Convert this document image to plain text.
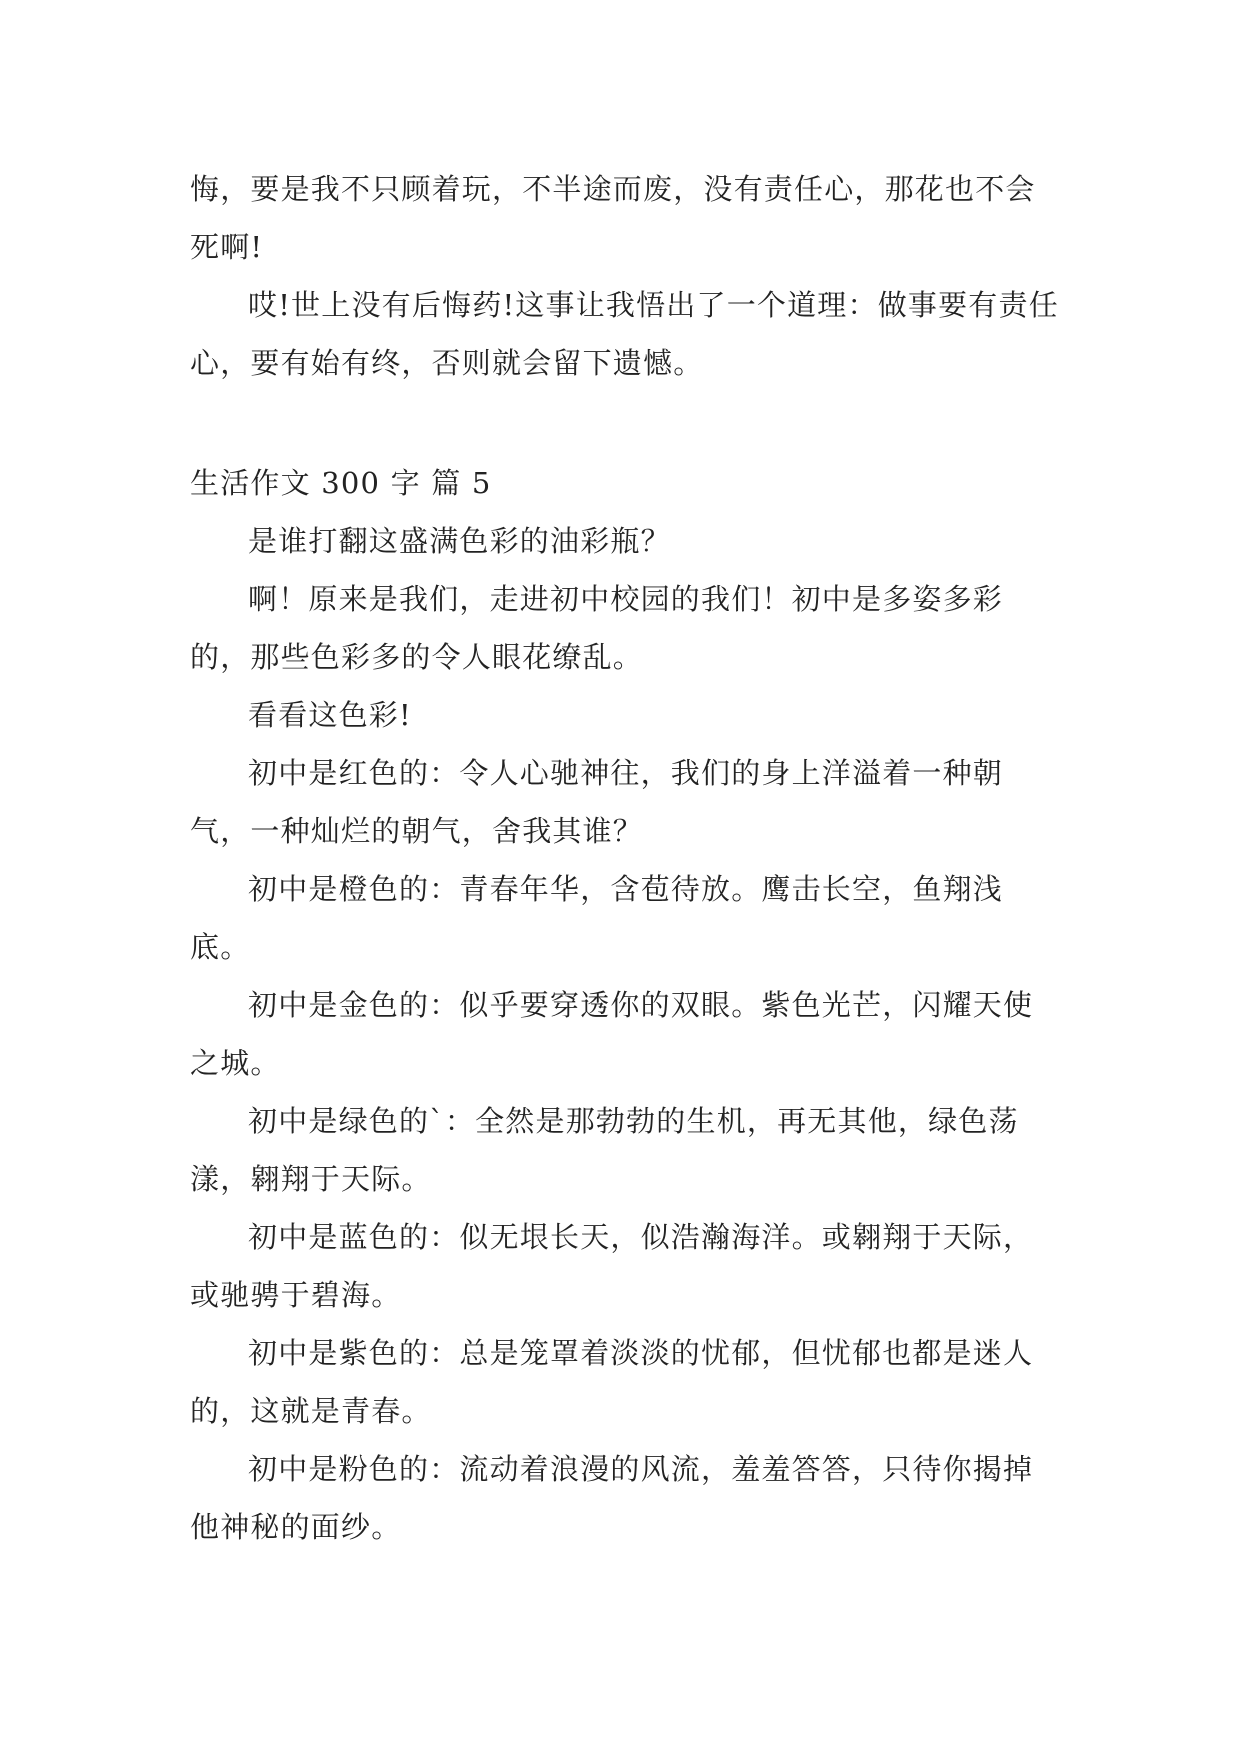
悔，要是我不只顾着玩，不半途而废，没有责任心，那花也不会死啊!

哎!世上没有后悔药!这事让我悟出了一个道理：做事要有责任心，要有始有终，否则就会留下遗憾。

生活作文 300 字 篇 5

是谁打翻这盛满色彩的油彩瓶？

啊！原来是我们，走进初中校园的我们！初中是多姿多彩的，那些色彩多的令人眼花缭乱。

看看这色彩!

初中是红色的：令人心驰神往，我们的身上洋溢着一种朝气，一种灿烂的朝气，舍我其谁？

初中是橙色的：青春年华，含苞待放。鹰击长空，鱼翔浅底。

初中是金色的：似乎要穿透你的双眼。紫色光芒，闪耀天使之城。

初中是绿色的`：全然是那勃勃的生机，再无其他，绿色荡漾，翱翔于天际。

初中是蓝色的：似无垠长天，似浩瀚海洋。或翱翔于天际，或驰骋于碧海。

初中是紫色的：总是笼罩着淡淡的忧郁，但忧郁也都是迷人的，这就是青春。

初中是粉色的：流动着浪漫的风流，羞羞答答，只待你揭掉他神秘的面纱。
